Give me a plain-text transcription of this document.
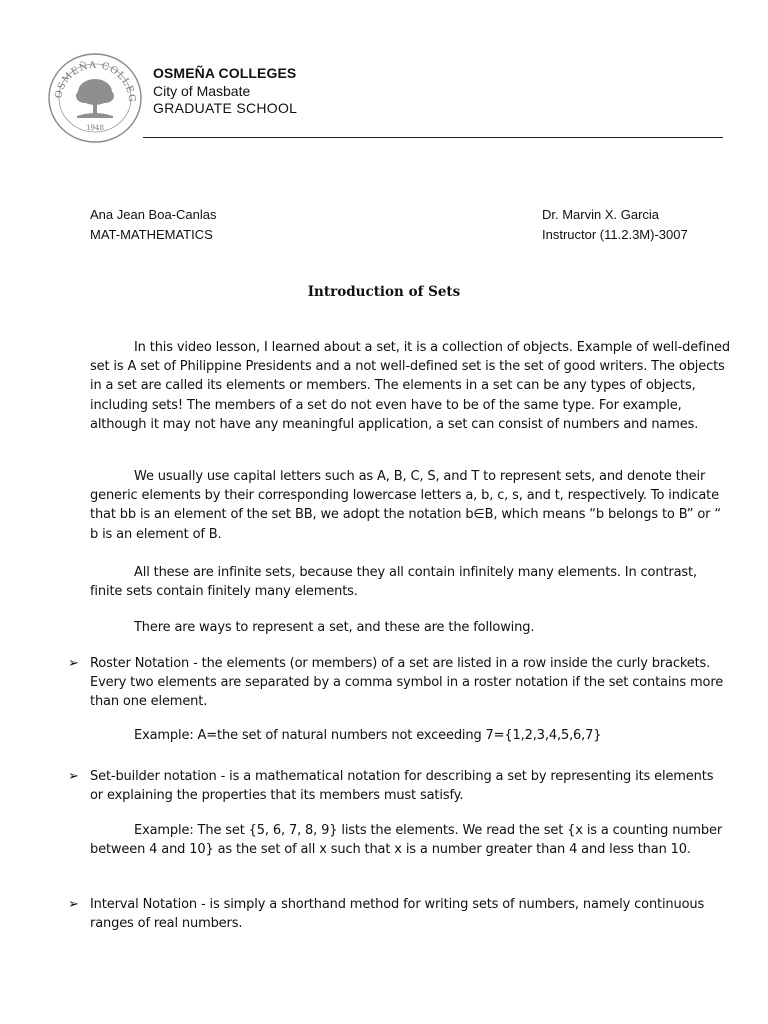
OSMEÑA COLLEG
1948
OSMEÑA COLLEGES
City of Masbate
GRADUATE SCHOOL
Ana Jean Boa-Canlas
MAT-MATHEMATICS
Dr. Marvin X. Garcia
Instructor (11.2.3M)-3007
Introduction of Sets
In this video lesson, I learned about a set, it is a collection of objects. Example of well-defined set is A set of Philippine Presidents and a not well-defined set is the set of good writers. The objects in a set are called its elements or members. The elements in a set can be any types of objects, including sets! The members of a set do not even have to be of the same type. For example, although it may not have any meaningful application, a set can consist of numbers and names.
We usually use capital letters such as A, B, C, S, and T to represent sets, and denote their generic elements by their corresponding lowercase letters a, b, c, s, and t, respectively. To indicate that bb is an element of the set BB, we adopt the notation b∈B, which means “b belongs to B” or “ b is an element of B.
All these are infinite sets, because they all contain infinitely many elements. In contrast, finite sets contain finitely many elements.
There are ways to represent a set, and these are the following.
➢ Roster Notation - the elements (or members) of a set are listed in a row inside the curly brackets. Every two elements are separated by a comma symbol in a roster notation if the set contains more than one element.
Example: A=the set of natural numbers not exceeding 7={1,2,3,4,5,6,7}
➢ Set-builder notation - is a mathematical notation for describing a set by representing its elements or explaining the properties that its members must satisfy.
Example: The set {5, 6, 7, 8, 9} lists the elements. We read the set {x is a counting number between 4 and 10} as the set of all x such that x is a number greater than 4 and less than 10.
➢ Interval Notation - is simply a shorthand method for writing sets of numbers, namely continuous ranges of real numbers.
